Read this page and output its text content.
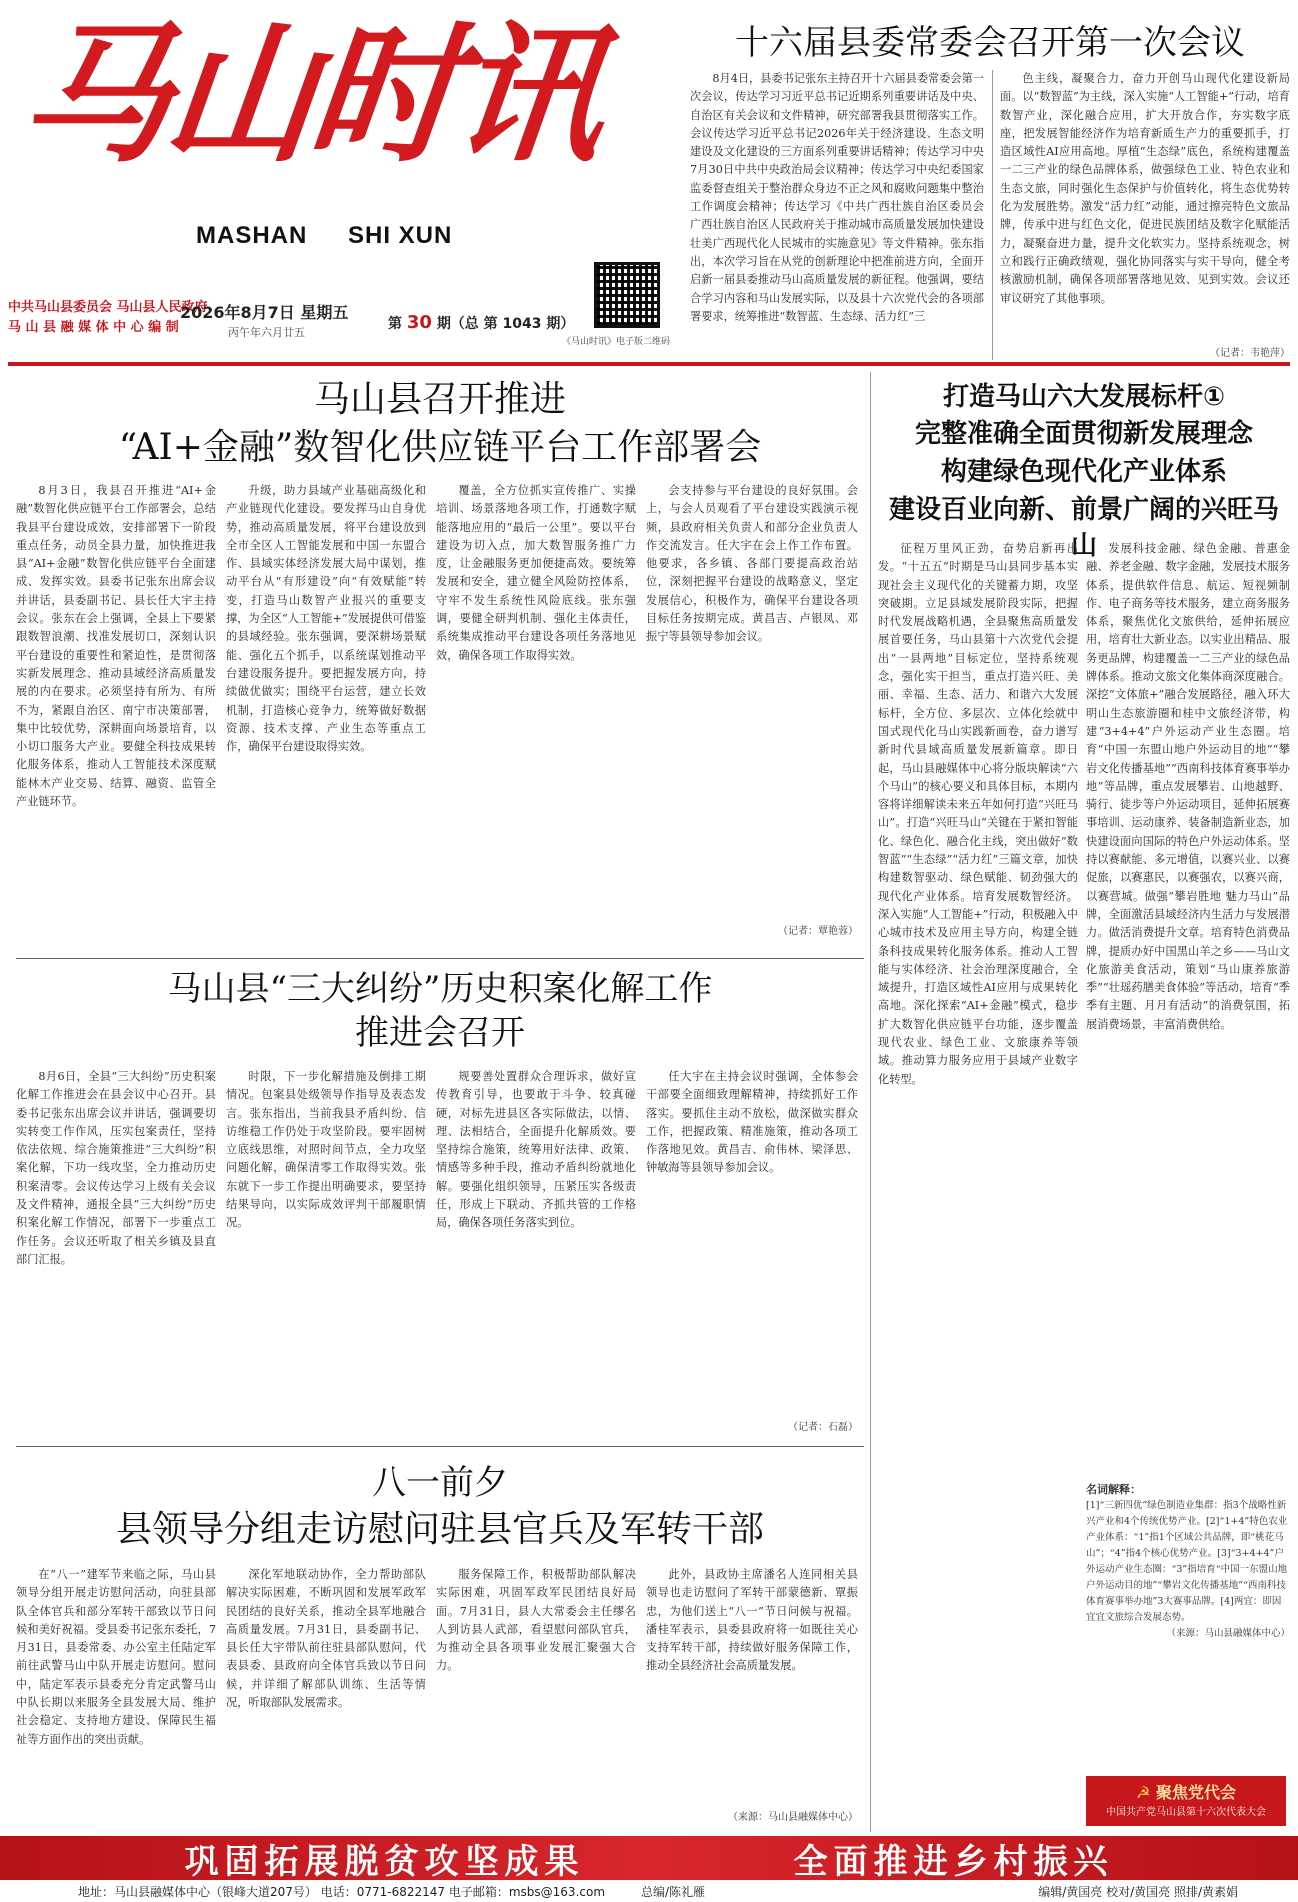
马山时讯
MASHAN SHI XUN
中共马山县委员会 马山县人民政府
马 山 县 融 媒 体 中 心 编 制
2026年8月7日 星期五
丙午年六月廿五
第 30 期（总 第 1043 期）
《马山时讯》电子版二维码
十六届县委常委会召开第一次会议

8月4日，县委书记张东主持召开十六届县委常委会第一次会议，传达学习习近平总书记近期系列重要讲话及中央、自治区有关会议和文件精神，研究部署我县贯彻落实工作。会议传达学习近平总书记2026年关于经济建设、生态文明建设及文化建设的三方面系列重要讲话精神；传达学习中央7月30日中共中央政治局会议精神；传达学习中央纪委国家监委督查组关于整治群众身边不正之风和腐败问题集中整治工作调度会精神；传达学习《中共广西壮族自治区委员会 广西壮族自治区人民政府关于推动城市高质量发展加快建设壮美广西现代化人民城市的实施意见》等文件精神。张东指出，本次学习旨在从党的创新理论中把准前进方向，全面开启新一届县委推动马山高质量发展的新征程。他强调，要结合学习内容和马山发展实际，以及县十六次党代会的各项部署要求，统筹推进“数智蓝、生态绿、活力红”三

色主线，凝聚合力，奋力开创马山现代化建设新局面。以“数智蓝”为主线，深入实施“人工智能+”行动，培育数智产业，深化融合应用，扩大开放合作，夯实数字底座，把发展智能经济作为培育新质生产力的重要抓手，打造区域性AI应用高地。厚植“生态绿”底色，系统构建覆盖一二三产业的绿色品牌体系，做强绿色工业、特色农业和生态文旅，同时强化生态保护与价值转化，将生态优势转化为发展胜势。激发“活力红”动能，通过擦亮特色文旅品牌，传承中进与红色文化，促进民族团结及数字化赋能活力，凝聚奋进力量，提升文化软实力。坚持系统观念，树立和践行正确政绩观，强化协同落实与实干导向，健全考核激励机制，确保各项部署落地见效、见到实效。会议还审议研究了其他事项。

（记者：韦艳萍）
马山县召开推进
“AI+金融”数智化供应链平台工作部署会

8月3日，我县召开推进“AI+金融”数智化供应链平台工作部署会，总结我县平台建设成效，安排部署下一阶段重点任务，动员全县力量，加快推进我县“AI+金融”数智化供应链平台全面建成、发挥实效。县委书记张东出席会议并讲话，县委副书记、县长任大宇主持会议。张东在会上强调，全县上下要紧跟数智浪潮、找准发展切口，深刻认识平台建设的重要性和紧迫性，是贯彻落实新发展理念、推动县域经济高质量发展的内在要求。必须坚持有所为、有所不为，紧跟自治区、南宁市决策部署，集中比较优势，深耕面向场景培育，以小切口服务大产业。要健全科技成果转化服务体系，推动人工智能技术深度赋能林木产业交易、结算、融资、监管全产业链环节。

升级，助力县域产业基础高级化和产业链现代化建设。要发挥马山自身优势，推动高质量发展，将平台建设放到全市全区人工智能发展和中国一东盟合作、县域实体经济发展大局中谋划，推动平台从“有形建设”向“有效赋能”转变，打造马山数智产业报兴的重要支撑，为全区“人工智能+”发展提供可借鉴的县域经验。张东强调，要深耕场景赋能、强化五个抓手，以系统谋划推动平台建设服务提升。要把握发展方向，持续做优做实；围绕平台运营，建立长效机制，打造核心竞争力，统筹做好数据资源、技术支撑、产业生态等重点工作，确保平台建设取得实效。

覆盖，全方位抓实宣传推广、实操培训、场景落地各项工作，打通数字赋能落地应用的“最后一公里”。要以平台建设为切入点，加大数智服务推广力度，让金融服务更加便捷高效。要统筹发展和安全，建立健全风险防控体系，守牢不发生系统性风险底线。张东强调，要健全研判机制、强化主体责任，系统集成推动平台建设各项任务落地见效，确保各项工作取得实效。

会支持参与平台建设的良好氛围。会上，与会人员观看了平台建设实践演示视频，县政府相关负责人和部分企业负责人作交流发言。任大宇在会上作工作布置。他要求，各乡镇、各部门要提高政治站位，深刻把握平台建设的战略意义，坚定发展信心，积极作为，确保平台建设各项目标任务按期完成。黄昌吉、卢银凤、邓振宁等县领导参加会议。

（记者：覃艳蓉）
马山县“三大纠纷”历史积案化解工作
推进会召开

8月6日，全县“三大纠纷”历史积案化解工作推进会在县会议中心召开。县委书记张东出席会议并讲话，强调要切实转变工作作风，压实包案责任，坚持依法依规、综合施策推进“三大纠纷”积案化解，下功一线攻坚，全力推动历史积案清零。会议传达学习上级有关会议及文件精神，通报全县“三大纠纷”历史积案化解工作情况，部署下一步重点工作任务。会议还听取了相关乡镇及县直部门汇报。

时限，下一步化解措施及倒排工期情况。包案县处级领导作指导及表态发言。张东指出，当前我县矛盾纠纷、信访维稳工作仍处于攻坚阶段。要牢固树立底线思维，对照时间节点，全力攻坚问题化解，确保清零工作取得实效。张东就下一步工作提出明确要求，要坚持结果导向，以实际成效评判干部履职情况。

规要善处置群众合理诉求，做好宣传教育引导，也要敢于斗争、较真碰硬，对标先进县区各实际做法，以情、理、法相结合，全面提升化解质效。要坚持综合施策，统筹用好法律、政策、情感等多种手段，推动矛盾纠纷就地化解。要强化组织领导，压紧压实各级责任，形成上下联动、齐抓共管的工作格局，确保各项任务落实到位。

任大宇在主持会议时强调，全体参会干部要全面细致理解精神，持续抓好工作落实。要抓住主动不放松，做深做实群众工作，把握政策、精准施策，推动各项工作落地见效。黄昌吉、俞伟林、梁泽思、钟敏海等县领导参加会议。

（记者：石磊）
八一前夕
县领导分组走访慰问驻县官兵及军转干部

在“八一”建军节来临之际，马山县领导分组开展走访慰问活动，向驻县部队全体官兵和部分军转干部致以节日问候和美好祝福。受县委书记张东委托，7月31日，县委常委、办公室主任陆定军前往武警马山中队开展走访慰问。慰问中，陆定军表示县委充分肯定武警马山中队长期以来服务全县发展大局、维护社会稳定、支持地方建设、保障民生福祉等方面作出的突出贡献。

深化军地联动协作，全力帮助部队解决实际困难，不断巩固和发展军政军民团结的良好关系，推动全县军地融合高质量发展。7月31日，县委副书记、县长任大宇带队前往驻县部队慰问，代表县委、县政府向全体官兵致以节日问候，并详细了解部队训练、生活等情况，听取部队发展需求。

服务保障工作，积极帮助部队解决实际困难，巩固军政军民团结良好局面。7月31日，县人大常委会主任缪名人到访县人武部，看望慰问部队官兵，为推动全县各项事业发展汇聚强大合力。

此外，县政协主席潘名人连同相关县领导也走访慰问了军转干部蒙德新、覃振忠，为他们送上“八一”节日问候与祝福。潘桂军表示，县委县政府将一如既往关心支持军转干部，持续做好服务保障工作，推动全县经济社会高质量发展。

（来源：马山县融媒体中心）
打造马山六大发展标杆①
完整准确全面贯彻新发展理念
构建绿色现代化产业体系
建设百业向新、前景广阔的兴旺马山

征程万里风正劲，奋势启新再出发。“十五五”时期是马山县同步基本实现社会主义现代化的关键蓄力期，攻坚突破期。立足县域发展阶段实际，把握时代发展战略机遇，全县聚焦高质量发展首要任务，马山县第十六次党代会提出“一县两地”目标定位，坚持系统观念，强化实干担当，重点打造兴旺、美丽、幸福、生态、活力、和谐六大发展标杆，全方位、多层次、立体化绘就中国式现代化马山实践新画卷，奋力谱写新时代县域高质量发展新篇章。即日起，马山县融媒体中心将分版块解读“六个马山”的核心要义和具体目标，本期内容将详细解读未来五年如何打造“兴旺马山”。打造“兴旺马山”关键在于紧扣智能化、绿色化、融合化主线，突出做好“数智蓝”“生态绿”“活力红”三篇文章，加快构建数智驱动、绿色赋能、韧劲强大的现代化产业体系。培育发展数智经济。深入实施“人工智能+”行动，积极融入中心城市技术及应用主导方向，构建全链条科技成果转化服务体系。推动人工智能与实体经济、社会治理深度融合，全域提升，打造区域性AI应用与成果转化高地。深化探索“AI+金融”模式，稳步扩大数智化供应链平台功能，逐步覆盖现代农业、绿色工业、文旅康养等领域。推动算力服务应用于县域产业数字化转型。

发展科技金融、绿色金融、普惠金融、养老金融、数字金融，发展技术服务体系，提供软件信息、航运、短视频制作、电子商务等技术服务，建立商务服务体系，聚焦优化文旅供给，延伸拓展应用，培育壮大新业态。以实业出精品、服务更品牌，构建覆盖一二三产业的绿色品牌体系。推动文旅文化集体商深度融合。深挖“文体旅+”融合发展路径，融入环大明山生态旅游圈和桂中文旅经济带，构建“3+4+4”户外运动产业生态圈。培育“中国一东盟山地户外运动目的地”“攀岩文化传播基地”“西南科技体育赛事举办地”等品牌，重点发展攀岩、山地越野、骑行、徒步等户外运动项目，延伸拓展赛事培训、运动康养、装备制造新业态，加快建设面向国际的特色户外运动体系。坚持以赛献能、多元增值，以赛兴业、以赛促旅，以赛惠民，以赛强农，以赛兴商，以赛营城。做强“攀岩胜地 魅力马山”品牌，全面激活县域经济内生活力与发展潜力。做活消费提升文章。培育特色消费品牌，提质办好中国黑山羊之乡——马山文化旅游美食活动，策划“马山康养旅游季”“壮瑶药膳美食体验”等活动，培育“季季有主题、月月有活动”的消费氛围，拓展消费场景，丰富消费供给。

名词解释：
[1]“三新四优”绿色制造业集群：指3个战略性新兴产业和4个传统优势产业。[2]“1+4”特色农业产业体系：“1”指1个区域公共品牌，即“桃花马山”；“4”指4个核心优势产业。[3]“3+4+4”户外运动产业生态圈：“3”指培育“中国一东盟山地户外运动目的地”“攀岩文化传播基地”“西南科技体育赛事举办地”3大赛事品牌。[4]两宜：即因宜宜文旅综合发展态势。
（来源：马山县融媒体中心）
☭ 聚焦党代会
中国共产党马山县第十六次代表大会
巩固拓展脱贫攻坚成果	全面推进乡村振兴
地址：马山县融媒体中心（银峰大道207号） 电话：0771-6822147 电子邮箱：msbs@163.com	总编/陈礼雁	编辑/黄国亮 校对/黄国亮 照排/黄素娟
